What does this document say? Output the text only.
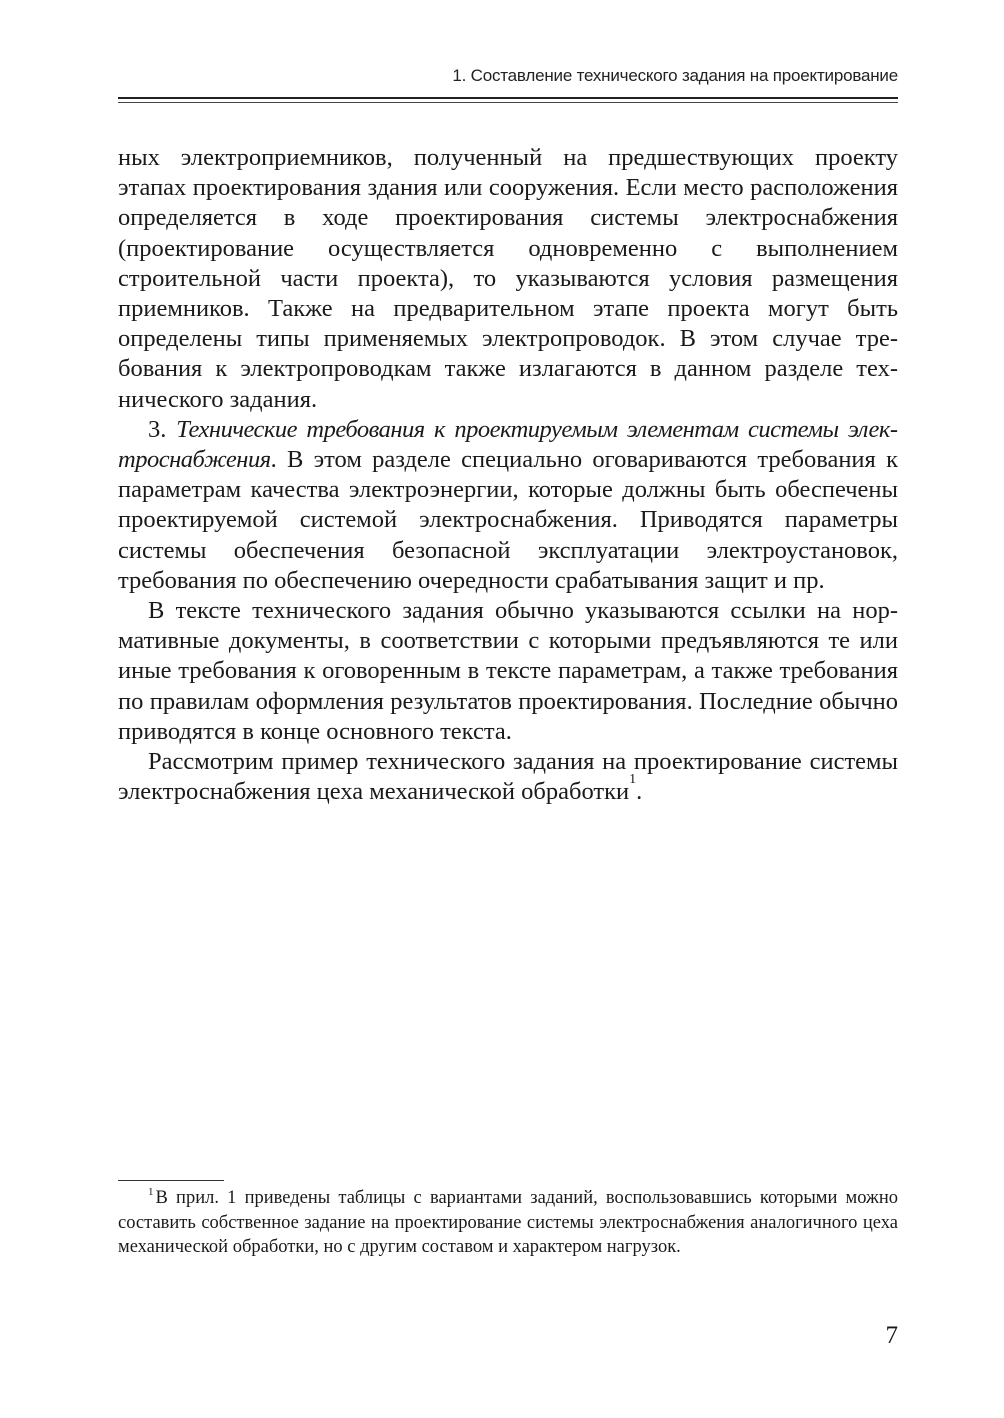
1. Составление технического задания на проектирование

ных электроприемников, полученный на предшествующих проекту этапах проектирования здания или сооружения. Если место расположения определяется в ходе проектирования системы электроснабжения (проектирование осуществляется одновременно с выполнением строительной части проекта), то указываются условия размещения приемников. Также на предварительном этапе проекта могут быть определены типы применяемых электропроводок. В этом случае требования к электропроводкам также излагаются в данном разделе технического задания.

3. Технические требования к проектируемым элементам системы электроснабжения. В этом разделе специально оговариваются требования к параметрам качества электроэнергии, которые должны быть обеспечены проектируемой системой электроснабжения. Приводятся параметры системы обеспечения безопасной эксплуатации электроустановок, требования по обеспечению очередности срабатывания защит и пр.

В тексте технического задания обычно указываются ссылки на нормативные документы, в соответствии с которыми предъявляются те или иные требования к оговоренным в тексте параметрам, а также требования по правилам оформления результатов проектирования. Последние обычно приводятся в конце основного текста.

Рассмотрим пример технического задания на проектирование системы электроснабжения цеха механической обработки$^1$.

$^1$ В прил. 1 приведены таблицы с вариантами заданий, воспользовавшись которыми можно составить собственное задание на проектирование системы электроснабжения аналогичного цеха механической обработки, но с другим составом и характером нагрузок.

7
